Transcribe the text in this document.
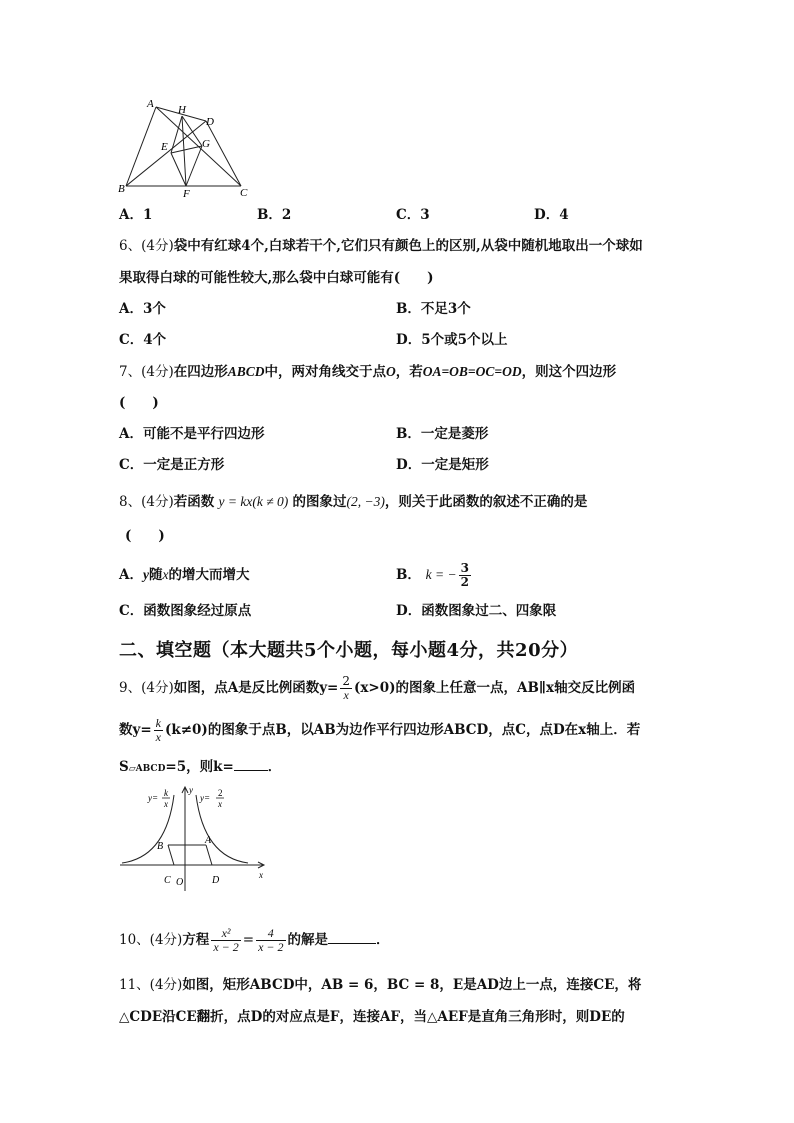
A H
D
E	G
B	F	C
A．1	B．2	C．3	D．4
6、(4分)袋中有红球4个,白球若干个,它们只有颜色上的区别,从袋中随机地取出一个球如
果取得白球的可能性较大,那么袋中白球可能有(　　)
A．3个	B．不足3个
C．4个	D．5个或5个以上
7、(4分)在四边形ABCD中，两对角线交于点O，若OA=OB=OC=OD，则这个四边形
(　　)
A．可能不是平行四边形	B．一定是菱形
C．一定是正方形	D．一定是矩形
8、(4分)若函数 y = kx(k ≠ 0) 的图象过(2, −3)，则关于此函数的叙述不正确的是
(　　)
A．y随x的增大而增大	B． k = − $\frac{3}{2}$
C．函数图象经过原点	D．函数图象过二、四象限
二、填空题（本大题共5个小题，每小题4分，共20分）
9、(4分)如图，点A是反比例函数$y= \frac{2}{x} (x>0)$的图象上任意一点，AB∥x轴交反比例函
数$y= \frac{k}{x} (k\ne 0)$的图象于点B，以AB为边作平行四边形ABCD，点C，点D在x轴上．若
S▱ABCD=5，则k=	．
y= k
x
y= 2
x
y
x
A
B
C O	D
10、(4分)方程 $\frac{\text{x²}}{x - 2} = \frac{4}{x - 2}$ 的解是	．
11、(4分)如图，矩形ABCD中，AB = 6，BC = 8，E是AD边上一点，连接CE，将
△CDE沿CE翻折，点D的对应点是F，连接AF，当△AEF是直角三角形时，则DE的
